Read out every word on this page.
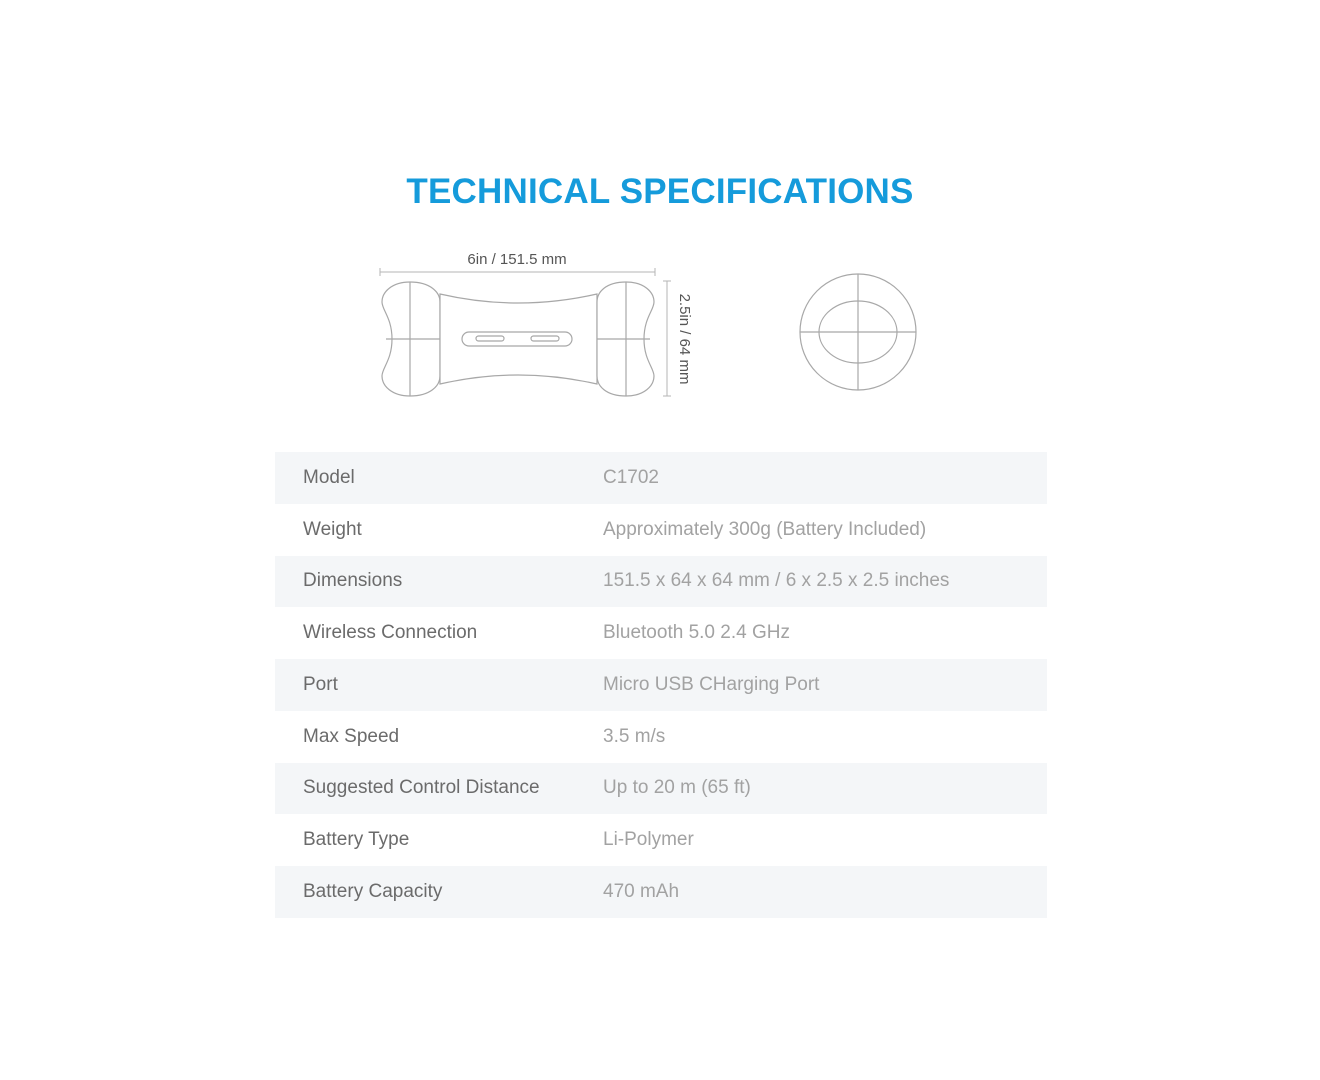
TECHNICAL SPECIFICATIONS
6in / 151.5 mm
2.5in / 64 mm
Model	C1702
Weight	Approximately 300g (Battery Included)
Dimensions	151.5 x 64 x 64 mm / 6 x 2.5 x 2.5 inches
Wireless Connection	Bluetooth 5.0 2.4 GHz
Port	Micro USB CHarging Port
Max Speed	3.5 m/s
Suggested Control Distance	Up to 20 m (65 ft)
Battery Type	Li-Polymer
Battery Capacity	470 mAh
